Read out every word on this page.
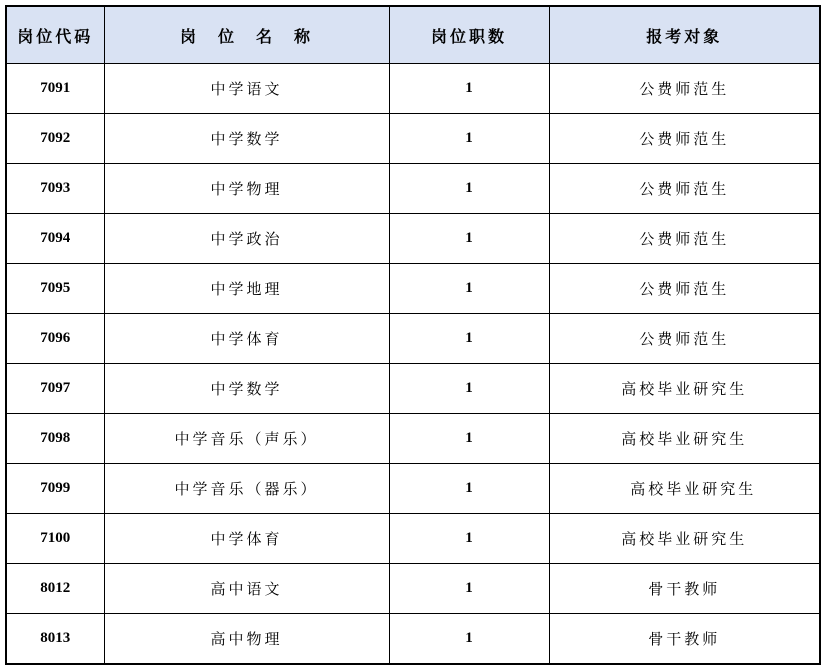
岗位代码	岗　位　名　称	岗位职数	报考对象
7091	中学语文	1	公费师范生
7092	中学数学	1	公费师范生
7093	中学物理	1	公费师范生
7094	中学政治	1	公费师范生
7095	中学地理	1	公费师范生
7096	中学体育	1	公费师范生
7097	中学数学	1	高校毕业研究生
7098	中学音乐（声乐）	1	高校毕业研究生
7099	中学音乐（器乐）	1	　高校毕业研究生
7100	中学体育	1	高校毕业研究生
8012	高中语文	1	骨干教师
8013	高中物理	1	骨干教师
